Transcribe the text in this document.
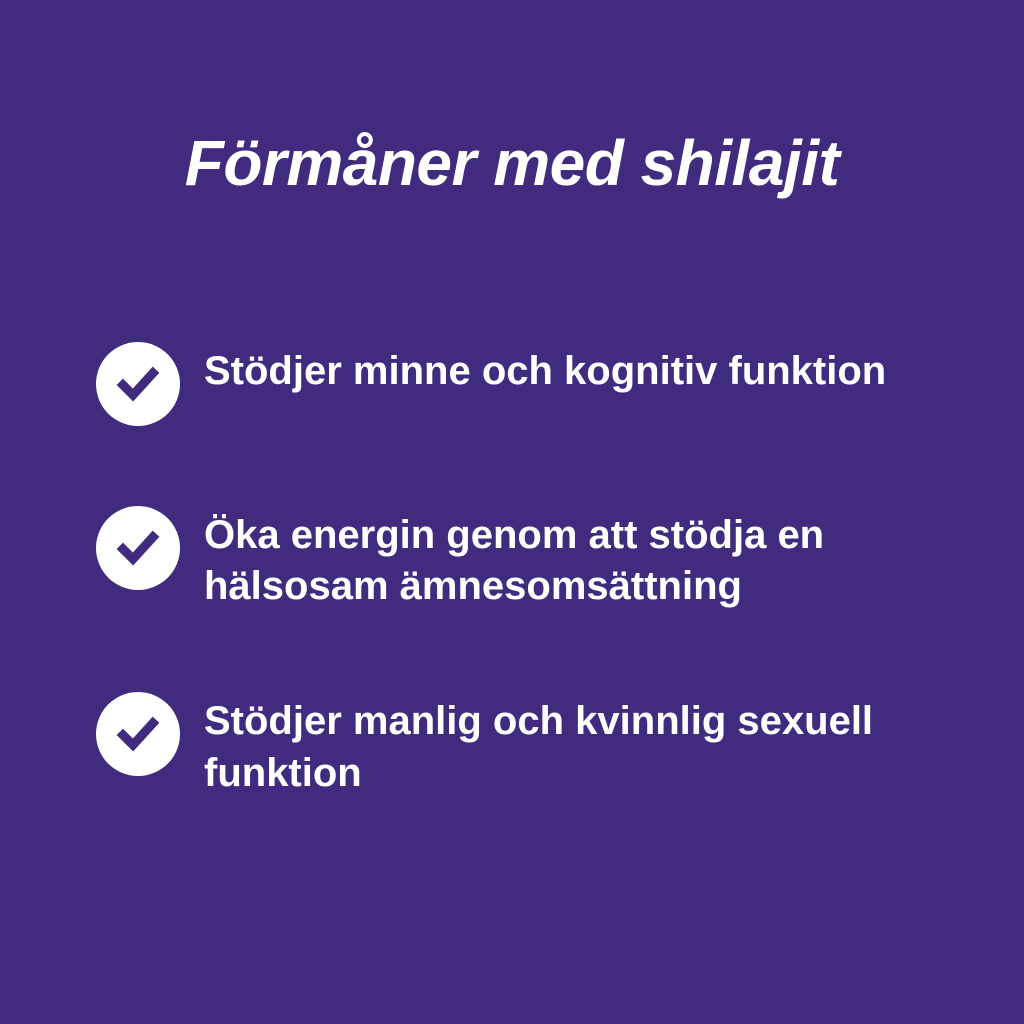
Förmåner med shilajit
Stödjer minne och kognitiv funktion
Öka energin genom att stödja en hälsosam ämnesomsättning
Stödjer manlig och kvinnlig sexuell funktion
